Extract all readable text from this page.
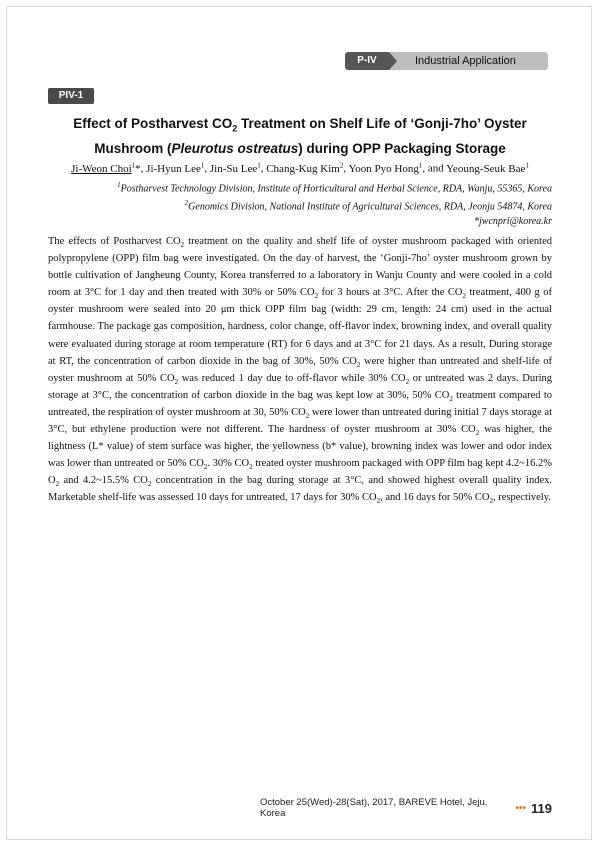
P-IV	Industrial Application
PIV-1
Effect of Postharvest $CO_2$ Treatment on Shelf Life of ‘Gonji-7ho’ Oyster Mushroom (Pleurotus ostreatus) during OPP Packaging Storage
Ji-Weon Choi$^1$*, Ji-Hyun Lee$^1$, Jin-Su Lee$^1$, Chang-Kug Kim$^2$, Yoon Pyo Hong$^1$, and Yeoung-Seuk Bae$^1$
$^1$Postharvest Technology Division, Institute of Horticultural and Herbal Science, RDA, Wanju, 55365, Korea
$^2$Genomics Division, National Institute of Agricultural Sciences, RDA, Jeonju 54874, Korea
*jwcnpri@korea.kr
The effects of Postharvest $CO_2$ treatment on the quality and shelf life of oyster mushroom packaged with oriented polypropylene (OPP) film bag were investigated. On the day of harvest, the ‘Gonji-7ho’ oyster mushroom grown by bottle cultivation of Jangheung County, Korea transferred to a laboratory in Wanju County and were cooled in a cold room at 3°C for 1 day and then treated with 30% or 50% $CO_2$ for 3 hours at 3°C. After the $CO_2$ treatment, 400 g of oyster mushroom were sealed into 20 μm thick OPP film bag (width: 29 cm, length: 24 cm) used in the actual farmhouse. The package gas composition, hardness, color change, off-flavor index, browning index, and overall quality were evaluated during storage at room temperature (RT) for 6 days and at 3°C for 21 days. As a result, During storage at RT, the concentration of carbon dioxide in the bag of 30%, 50% $CO_2$ were higher than untreated and shelf-life of oyster mushroom at 50% $CO_2$ was reduced 1 day due to off-flavor while 30% $CO_2$ or untreated was 2 days. During storage at 3°C, the concentration of carbon dioxide in the bag was kept low at 30%, 50% $CO_2$ treatment compared to untreated, the respiration of oyster mushroom at 30, 50% $CO_2$ were lower than untreated during initial 7 days storage at 3°C, but ethylene production were not different. The hardness of oyster mushroom at 30% $CO_2$ was higher, the lightness (L* value) of stem surface was higher, the yellowness (b* value), browning index was lower and odor index was lower than untreated or 50% $CO_2$. 30% $CO_2$ treated oyster mushroom packaged with OPP film bag kept 4.2~16.2% $O_2$ and 4.2~15.5% $CO_2$ concentration in the bag during storage at 3°C, and showed highest overall quality index. Marketable shelf-life was assessed 10 days for untreated, 17 days for 30% $CO_2$, and 16 days for 50% $CO_2$, respectively.
October 25(Wed)-28(Sat), 2017, BAREVE Hotel, Jeju, Korea	••• 119
